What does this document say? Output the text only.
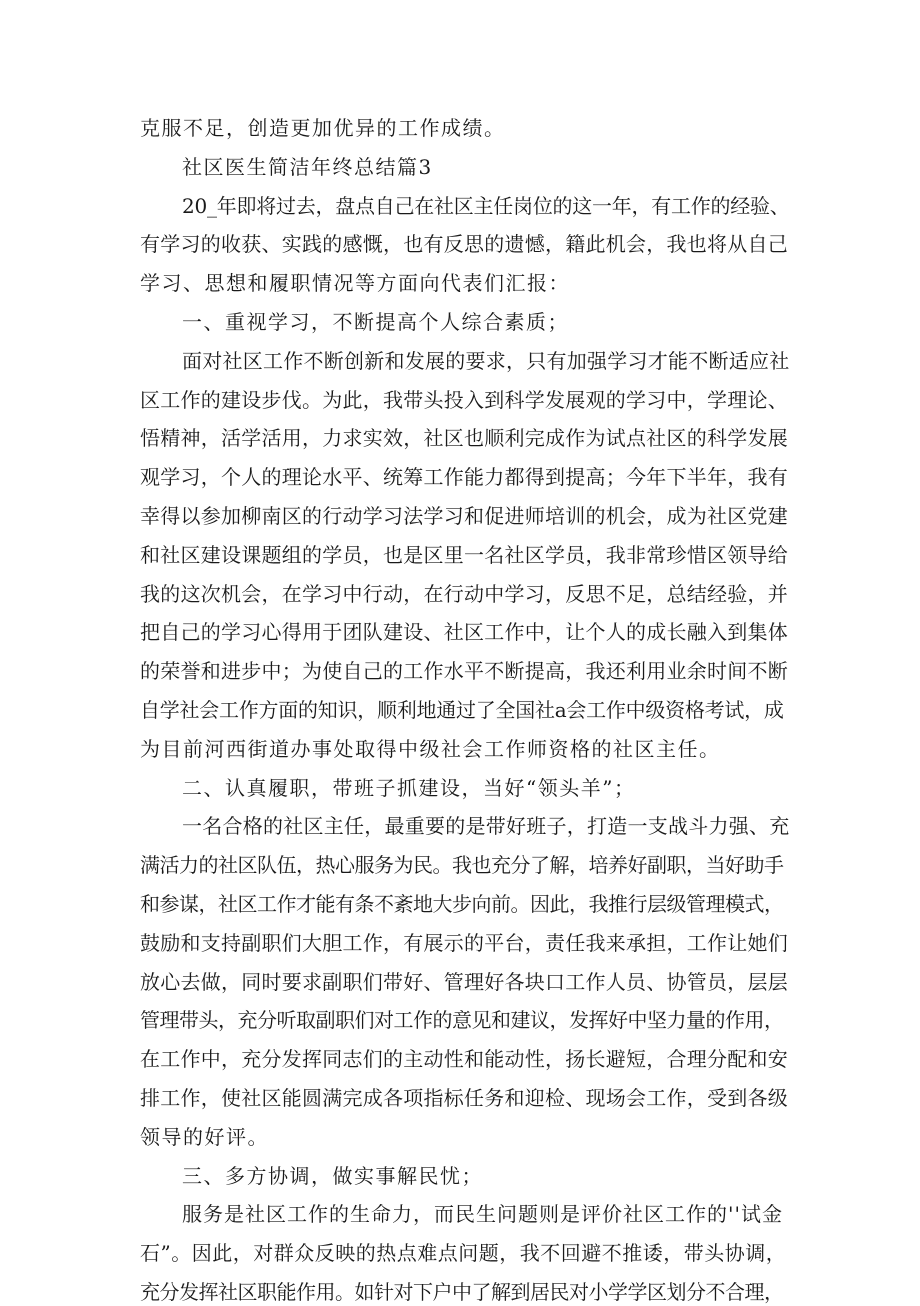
克服不足，创造更加优异的工作成绩。
社区医生简洁年终总结篇3
20_年即将过去，盘点自己在社区主任岗位的这一年，有工作的经验、
有学习的收获、实践的感慨，也有反思的遗憾，籍此机会，我也将从自己
学习、思想和履职情况等方面向代表们汇报：
一、重视学习，不断提高个人综合素质；
面对社区工作不断创新和发展的要求，只有加强学习才能不断适应社
区工作的建设步伐。为此，我带头投入到科学发展观的学习中，学理论、
悟精神，活学活用，力求实效，社区也顺利完成作为试点社区的科学发展
观学习，个人的理论水平、统筹工作能力都得到提高；今年下半年，我有
幸得以参加柳南区的行动学习法学习和促进师培训的机会，成为社区党建
和社区建设课题组的学员，也是区里一名社区学员，我非常珍惜区领导给
我的这次机会，在学习中行动，在行动中学习，反思不足，总结经验，并
把自己的学习心得用于团队建设、社区工作中，让个人的成长融入到集体
的荣誉和进步中；为使自己的工作水平不断提高，我还利用业余时间不断
自学社会工作方面的知识，顺利地通过了全国社a会工作中级资格考试，成
为目前河西街道办事处取得中级社会工作师资格的社区主任。
二、认真履职，带班子抓建设，当好“领头羊”；
一名合格的社区主任，最重要的是带好班子，打造一支战斗力强、充
满活力的社区队伍，热心服务为民。我也充分了解，培养好副职，当好助手
和参谋，社区工作才能有条不紊地大步向前。因此，我推行层级管理模式，
鼓励和支持副职们大胆工作，有展示的平台，责任我来承担，工作让她们
放心去做，同时要求副职们带好、管理好各块口工作人员、协管员，层层
管理带头，充分听取副职们对工作的意见和建议，发挥好中坚力量的作用，
在工作中，充分发挥同志们的主动性和能动性，扬长避短，合理分配和安
排工作，使社区能圆满完成各项指标任务和迎检、现场会工作，受到各级
领导的好评。
三、多方协调，做实事解民忧；
服务是社区工作的生命力，而民生问题则是评价社区工作的''试金
石”。因此，对群众反映的热点难点问题，我不回避不推诿，带头协调，
充分发挥社区职能作用。如针对下户中了解到居民对小学学区划分不合理，
